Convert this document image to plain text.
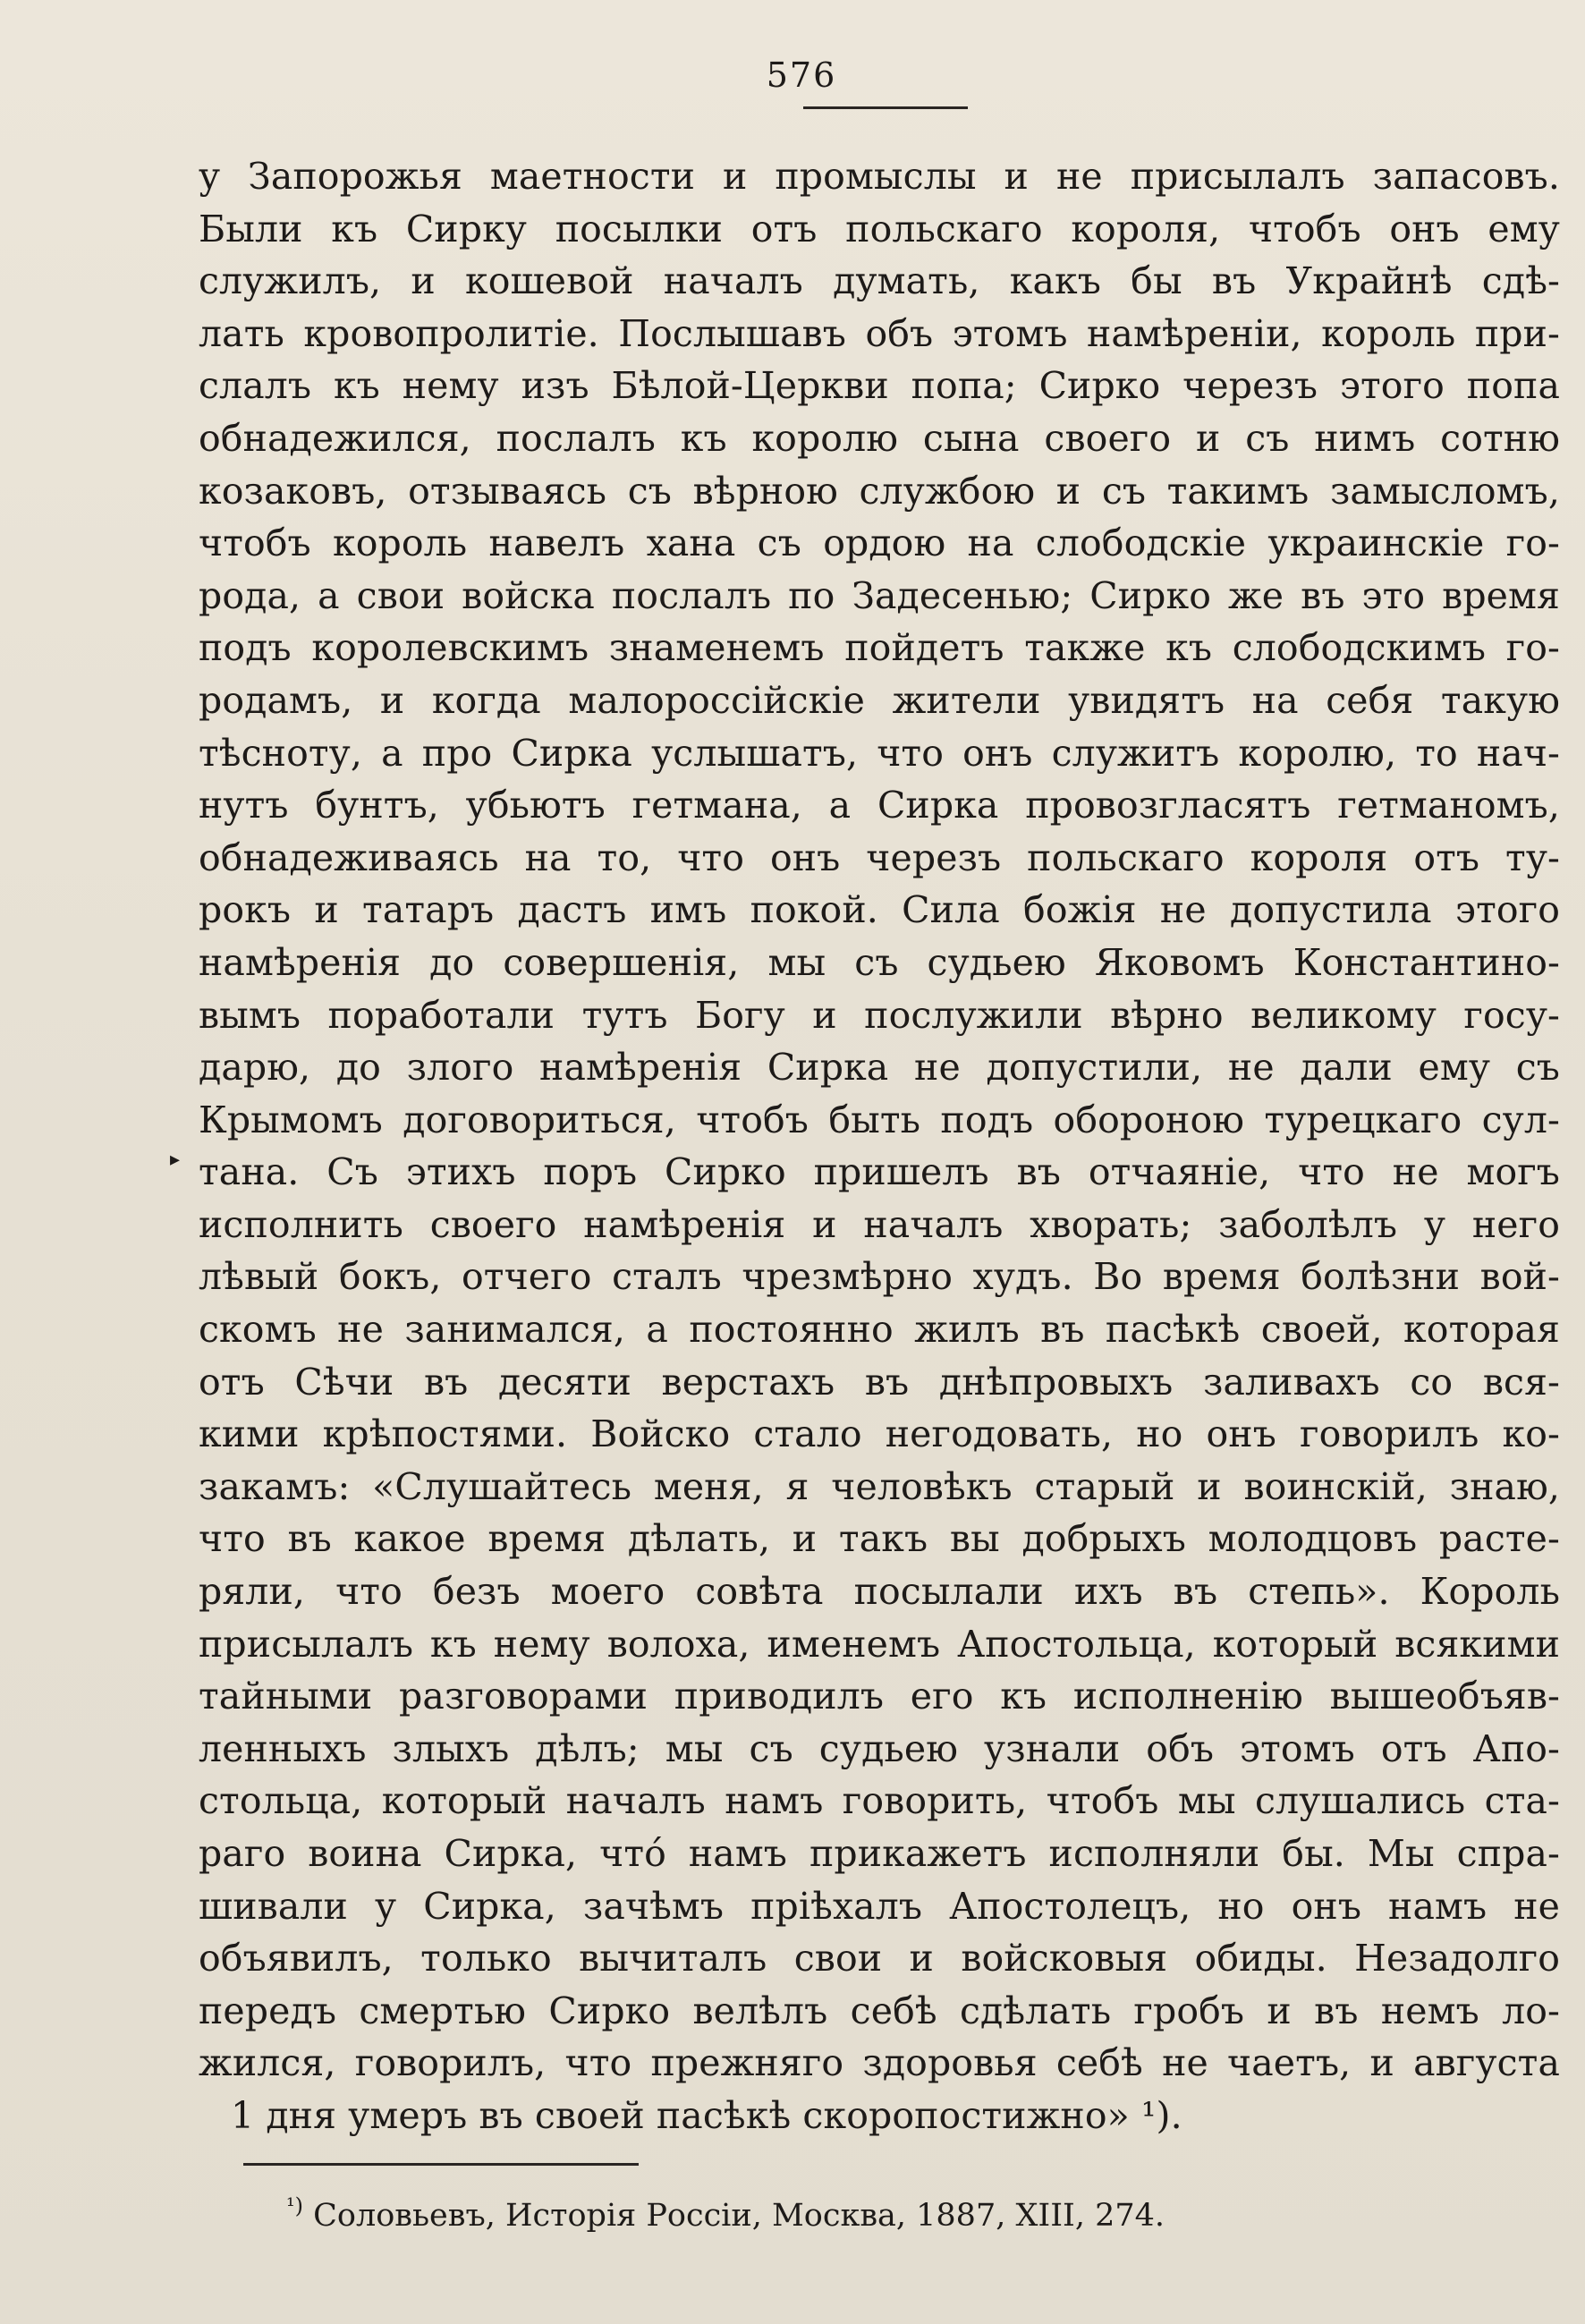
576
▸
у Запорожья маетности и промыслы и не присылалъ запасовъ.
Были къ Сирку посылки отъ польскаго короля, чтобъ онъ ему
служилъ, и кошевой началъ думать, какъ бы въ Украйнѣ сдѣ-
лать кровопролитіе. Послышавъ объ этомъ намѣреніи, король при-
слалъ къ нему изъ Бѣлой-Церкви попа; Сирко черезъ этого попа
обнадежился, послалъ къ королю сына своего и съ нимъ сотню
козаковъ, отзываясь съ вѣрною службою и съ такимъ замысломъ,
чтобъ король навелъ хана съ ордою на слободскіе украинскіе го-
рода, а свои войска послалъ по Задесенью; Сирко же въ это время
подъ королевскимъ знаменемъ пойдетъ также къ слободскимъ го-
родамъ, и когда малороссійскіе жители увидятъ на себя такую
тѣсноту, а про Сирка услышатъ, что онъ служитъ королю, то нач-
нутъ бунтъ, убьютъ гетмана, а Сирка провозгласятъ гетманомъ,
обнадеживаясь на то, что онъ черезъ польскаго короля отъ ту-
рокъ и татаръ дастъ имъ покой. Сила божія не допустила этого
намѣренія до совершенія, мы съ судьею Яковомъ Константино-
вымъ поработали тутъ Богу и послужили вѣрно великому госу-
дарю, до злого намѣренія Сирка не допустили, не дали ему съ
Крымомъ договориться, чтобъ быть подъ обороною турецкаго сул-
тана. Съ этихъ поръ Сирко пришелъ въ отчаяніе, что не могъ
исполнить своего намѣренія и началъ хворать; заболѣлъ у него
лѣвый бокъ, отчего сталъ чрезмѣрно худъ. Во время болѣзни вой-
скомъ не занимался, а постоянно жилъ въ пасѣкѣ своей, которая
отъ Сѣчи въ десяти верстахъ въ днѣпровыхъ заливахъ со вся-
кими крѣпостями. Войско стало негодовать, но онъ говорилъ ко-
закамъ: «Слушайтесь меня, я человѣкъ старый и воинскій, знаю,
что въ какое время дѣлать, и такъ вы добрыхъ молодцовъ расте-
ряли, что безъ моего совѣта посылали ихъ въ степь». Король
присылалъ къ нему волоха, именемъ Апостольца, который всякими
тайными разговорами приводилъ его къ исполненію вышеобъяв-
ленныхъ злыхъ дѣлъ; мы съ судьею узнали объ этомъ отъ Апо-
стольца, который началъ намъ говорить, чтобъ мы слушались ста-
раго воина Сирка, чтó намъ прикажетъ исполняли бы. Мы спра-
шивали у Сирка, зачѣмъ пріѣхалъ Апостолецъ, но онъ намъ не
объявилъ, только вычиталъ свои и войсковыя обиды. Незадолго
передъ смертью Сирко велѣлъ себѣ сдѣлать гробъ и въ немъ ло-
жился, говорилъ, что прежняго здоровья себѣ не чаетъ, и августа
1 дня умеръ въ своей пасѣкѣ скоропостижно» ¹).
$^{^1)}$ Соловьевъ, Исторія Россіи, Москва, 1887, XIII, 274.
